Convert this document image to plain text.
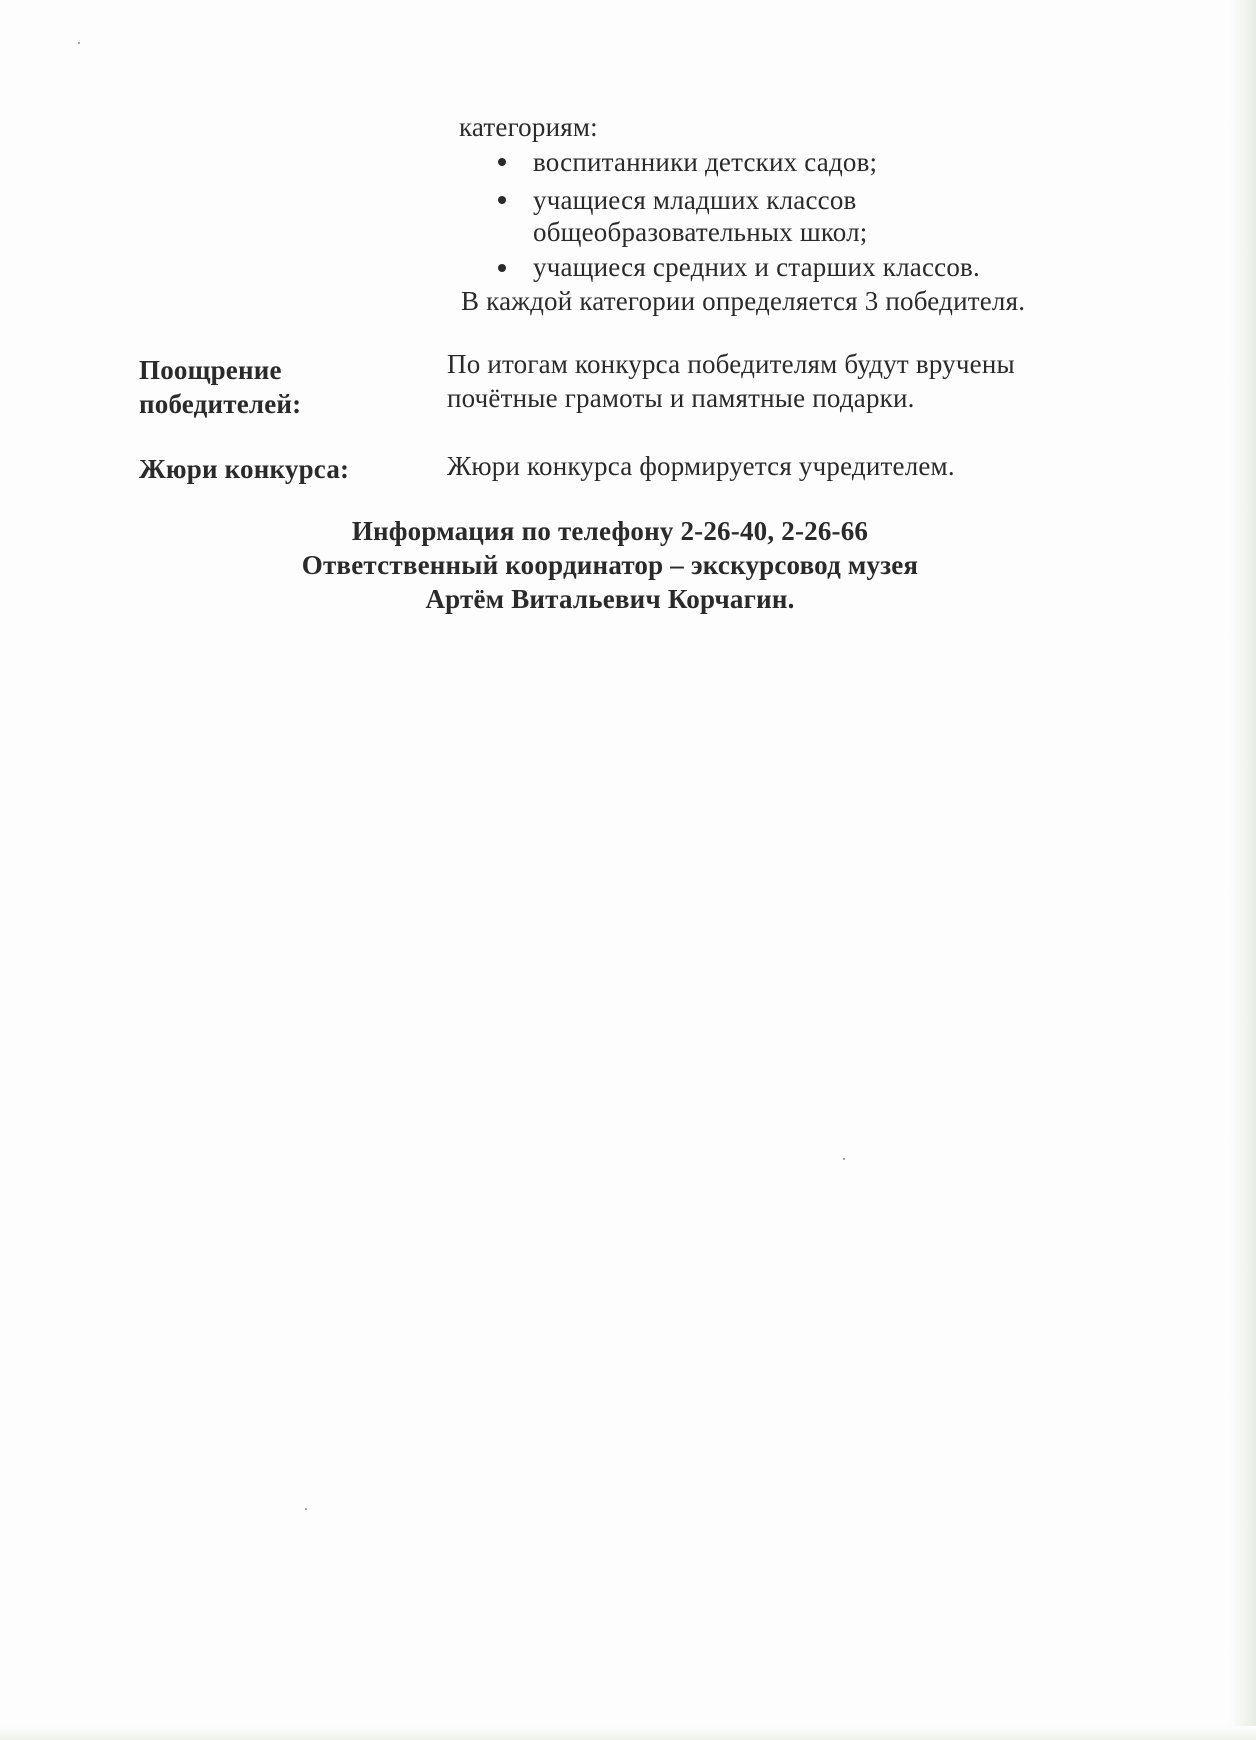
категориям:
воспитанники детских садов;
учащиеся младших классов
общеобразовательных школ;
учащиеся средних и старших классов.
В каждой категории определяется 3 победителя.
Поощрение
победителей:
По итогам конкурса победителям будут вручены
почётные грамоты и памятные подарки.
Жюри конкурса:	Жюри конкурса формируется учредителем.
Информация по телефону 2-26-40, 2-26-66
Ответственный координатор – экскурсовод музея
Артём Витальевич Корчагин.
